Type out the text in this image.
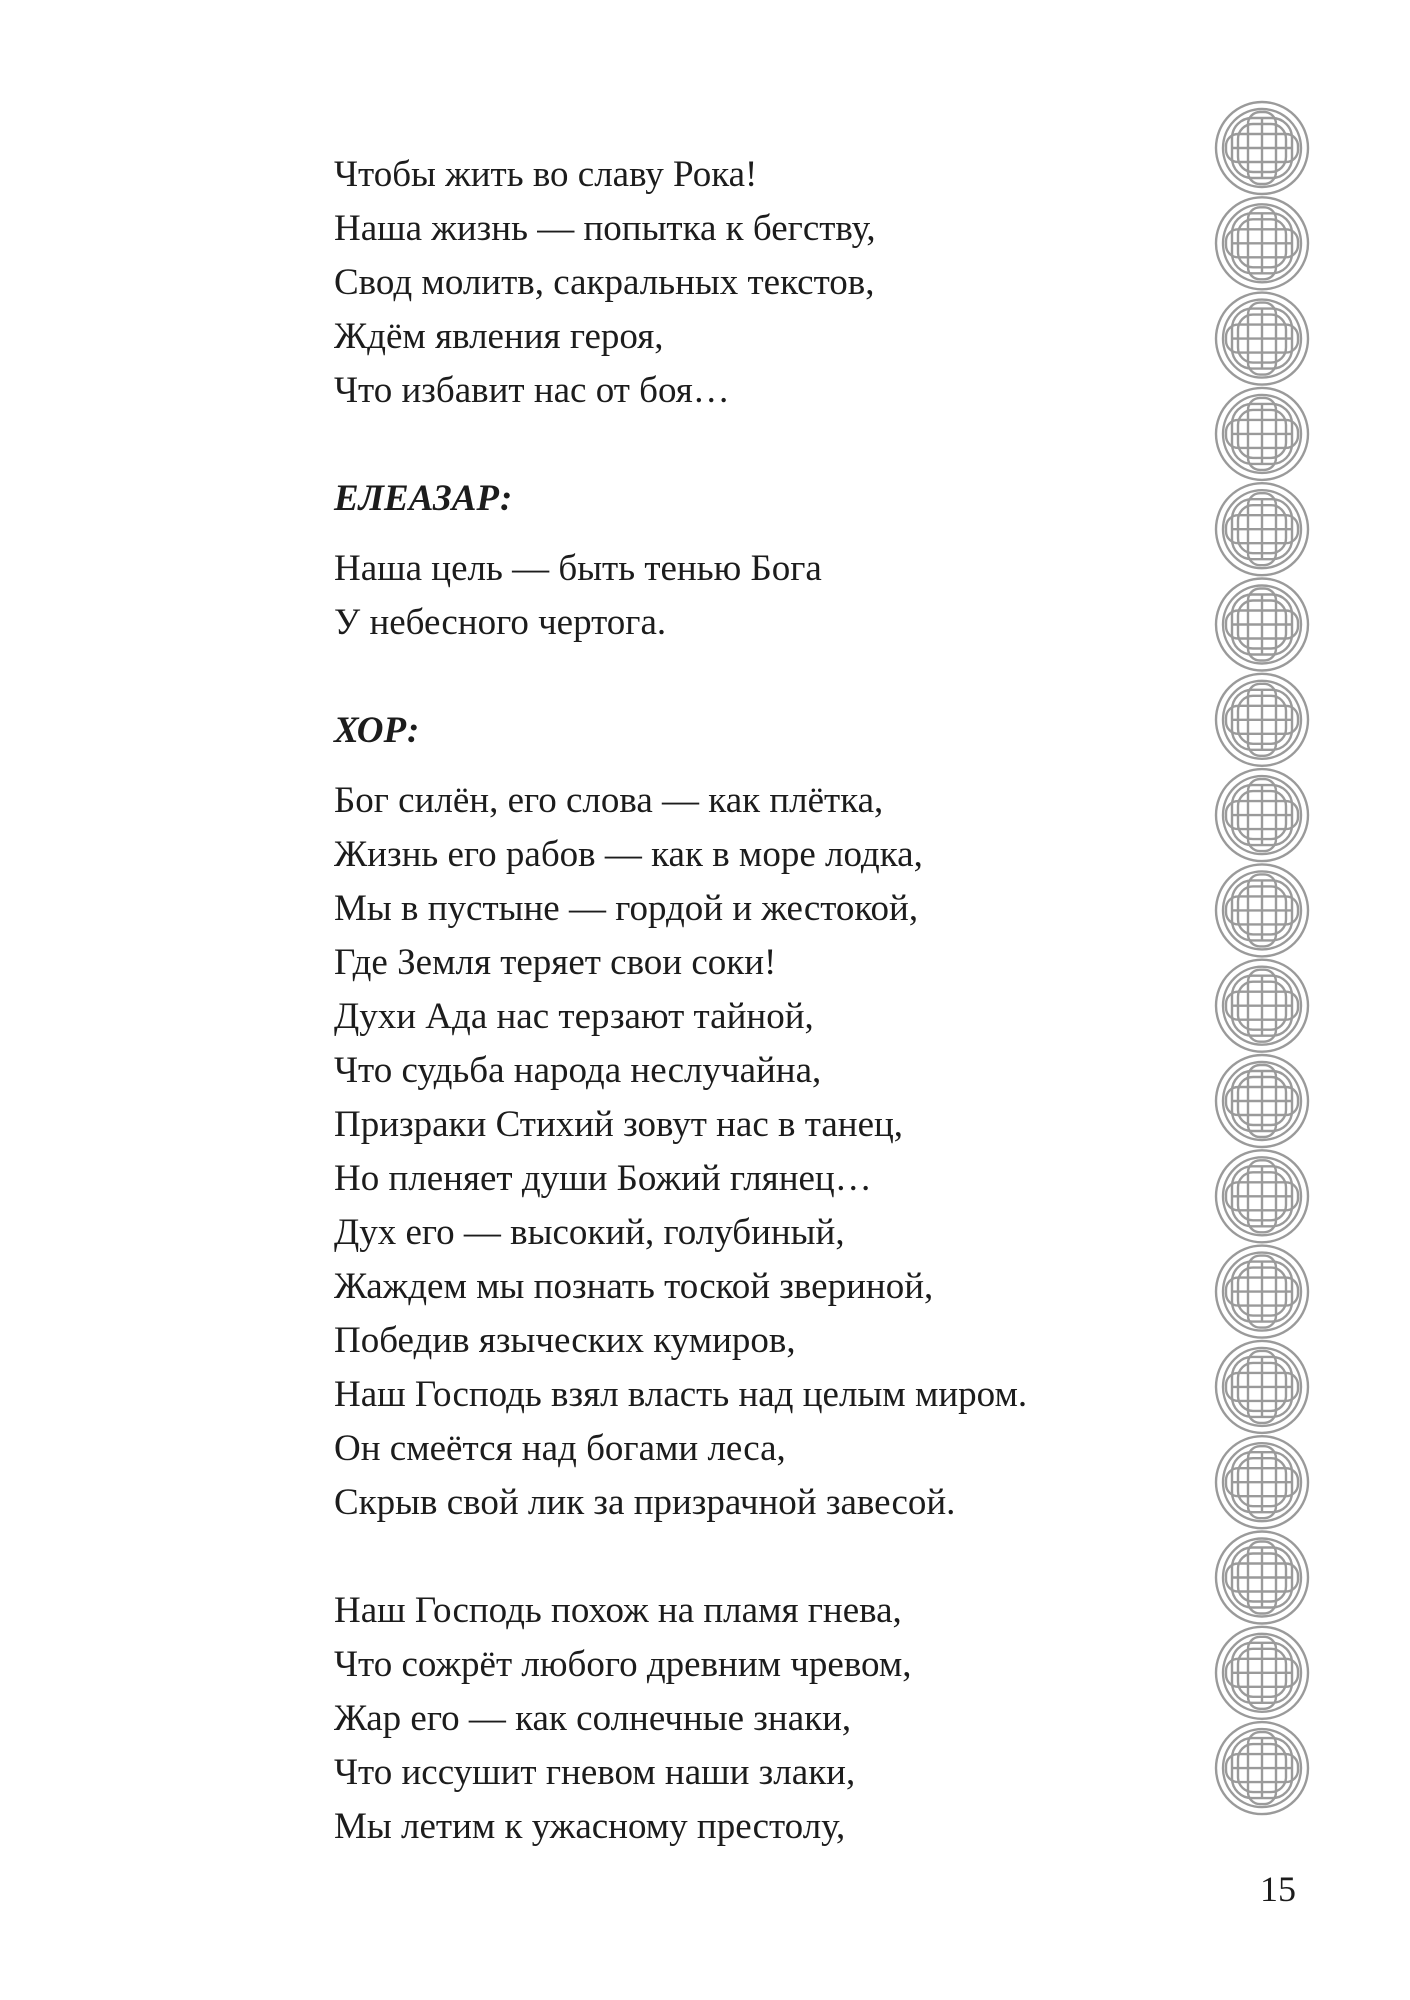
Чтобы жить во славу Рока!
Наша жизнь — попытка к бегству,
Свод молитв, сакральных текстов,
Ждём явления героя,
Что избавит нас от боя…
ЕЛЕАЗАР:
Наша цель — быть тенью Бога
У небесного чертога.
ХОР:
Бог силён, его слова — как плётка,
Жизнь его рабов — как в море лодка,
Мы в пустыне — гордой и жестокой,
Где Земля теряет свои соки!
Духи Ада нас терзают тайной,
Что судьба народа неслучайна,
Призраки Стихий зовут нас в танец,
Но пленяет души Божий глянец…
Дух его — высокий, голубиный,
Жаждем мы познать тоской звериной,
Победив языческих кумиров,
Наш Господь взял власть над целым миром.
Он смеётся над богами леса,
Скрыв свой лик за призрачной завесой.
Наш Господь похож на пламя гнева,
Что сожрёт любого древним чревом,
Жар его — как солнечные знаки,
Что иссушит гневом наши злаки,
Мы летим к ужасному престолу,
15
